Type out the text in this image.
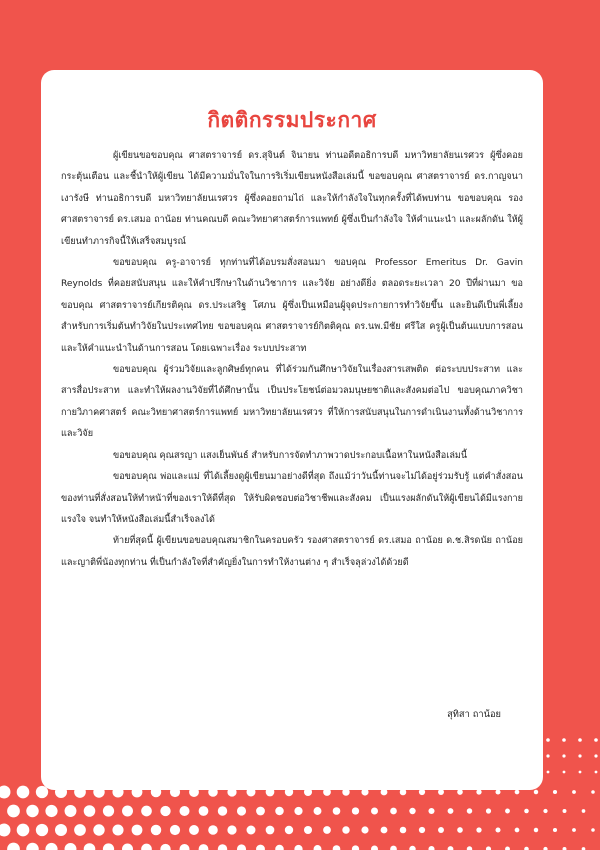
กิตติกรรมประกาศ

ผู้เขียนขอขอบคุณ ศาสตราจารย์ ดร.สุจินต์ จินายน ท่านอดีตอธิการบดี มหาวิทยาลัยนเรศวร ผู้ซึ่งคอยกระตุ้นเตือน และชี้นำให้ผู้เขียน ได้มีความมั่นใจในการริเริ่มเขียนหนังสือเล่มนี้ ขอขอบคุณ ศาสตราจารย์ ดร.กาญจนา เงารังษี ท่านอธิการบดี มหาวิทยาลัยนเรศวร ผู้ซึ่งคอยถามไถ่ และให้กำลังใจในทุกครั้งที่ได้พบท่าน ขอขอบคุณ รองศาสตราจารย์ ดร.เสมอ ถาน้อย ท่านคณบดี คณะวิทยาศาสตร์การแพทย์ ผู้ซึ่งเป็นกำลังใจ ให้คำแนะนำ และผลักดัน ให้ผู้เขียนทำภารกิจนี้ให้เสร็จสมบูรณ์

ขอขอบคุณ ครู-อาจารย์ ทุกท่านที่ได้อบรมสั่งสอนมา ขอบคุณ Professor Emeritus Dr. Gavin Reynolds ที่คอยสนับสนุน และให้คำปรึกษาในด้านวิชาการ และวิจัย อย่างดียิ่ง ตลอดระยะเวลา 20 ปีที่ผ่านมา ขอขอบคุณ ศาสตราจารย์เกียรติคุณ ดร.ประเสริฐ โศภน ผู้ซึ่งเป็นเหมือนผู้จุดประกายการทำวิจัยขึ้น และยินดีเป็นพี่เลี้ยงสำหรับการเริ่มต้นทำวิจัยในประเทศไทย ขอขอบคุณ ศาสตราจารย์กิตติคุณ ดร.นพ.มีชัย ศรีใส ครูผู้เป็นต้นแบบการสอน และให้คำแนะนำในด้านการสอน โดยเฉพาะเรื่อง ระบบประสาท

ขอขอบคุณ ผู้ร่วมวิจัยและลูกศิษย์ทุกคน ที่ได้ร่วมกันศึกษาวิจัยในเรื่องสารเสพติด ต่อระบบประสาท และสารสื่อประสาท และทำให้ผลงานวิจัยที่ได้ศึกษานั้น เป็นประโยชน์ต่อมวลมนุษยชาติและสังคมต่อไป ขอบคุณภาควิชากายวิภาคศาสตร์ คณะวิทยาศาสตร์การแพทย์ มหาวิทยาลัยนเรศวร ที่ให้การสนับสนุนในการดำเนินงานทั้งด้านวิชาการและวิจัย

ขอขอบคุณ คุณสรญา แสงเย็นพันธ์ สำหรับการจัดทำภาพวาดประกอบเนื้อหาในหนังสือเล่มนี้

ขอขอบคุณ พ่อและแม่ ที่ได้เลี้ยงดูผู้เขียนมาอย่างดีที่สุด ถึงแม้ว่าวันนี้ท่านจะไม่ได้อยู่ร่วมรับรู้ แต่คำสั่งสอนของท่านที่สั่งสอนให้ทำหน้าที่ของเราให้ดีที่สุด ให้รับผิดชอบต่อวิชาชีพและสังคม เป็นแรงผลักดันให้ผู้เขียนได้มีแรงกาย แรงใจ จนทำให้หนังสือเล่มนี้สำเร็จลงได้

ท้ายที่สุดนี้ ผู้เขียนขอขอบคุณสมาชิกในครอบครัว รองศาสตราจารย์ ดร.เสมอ ถาน้อย ด.ช.สิรดนัย ถาน้อย และญาติพี่น้องทุกท่าน ที่เป็นกำลังใจที่สำคัญยิ่งในการทำให้งานต่าง ๆ สำเร็จลุล่วงได้ด้วยดี

สุทิสา ถาน้อย
